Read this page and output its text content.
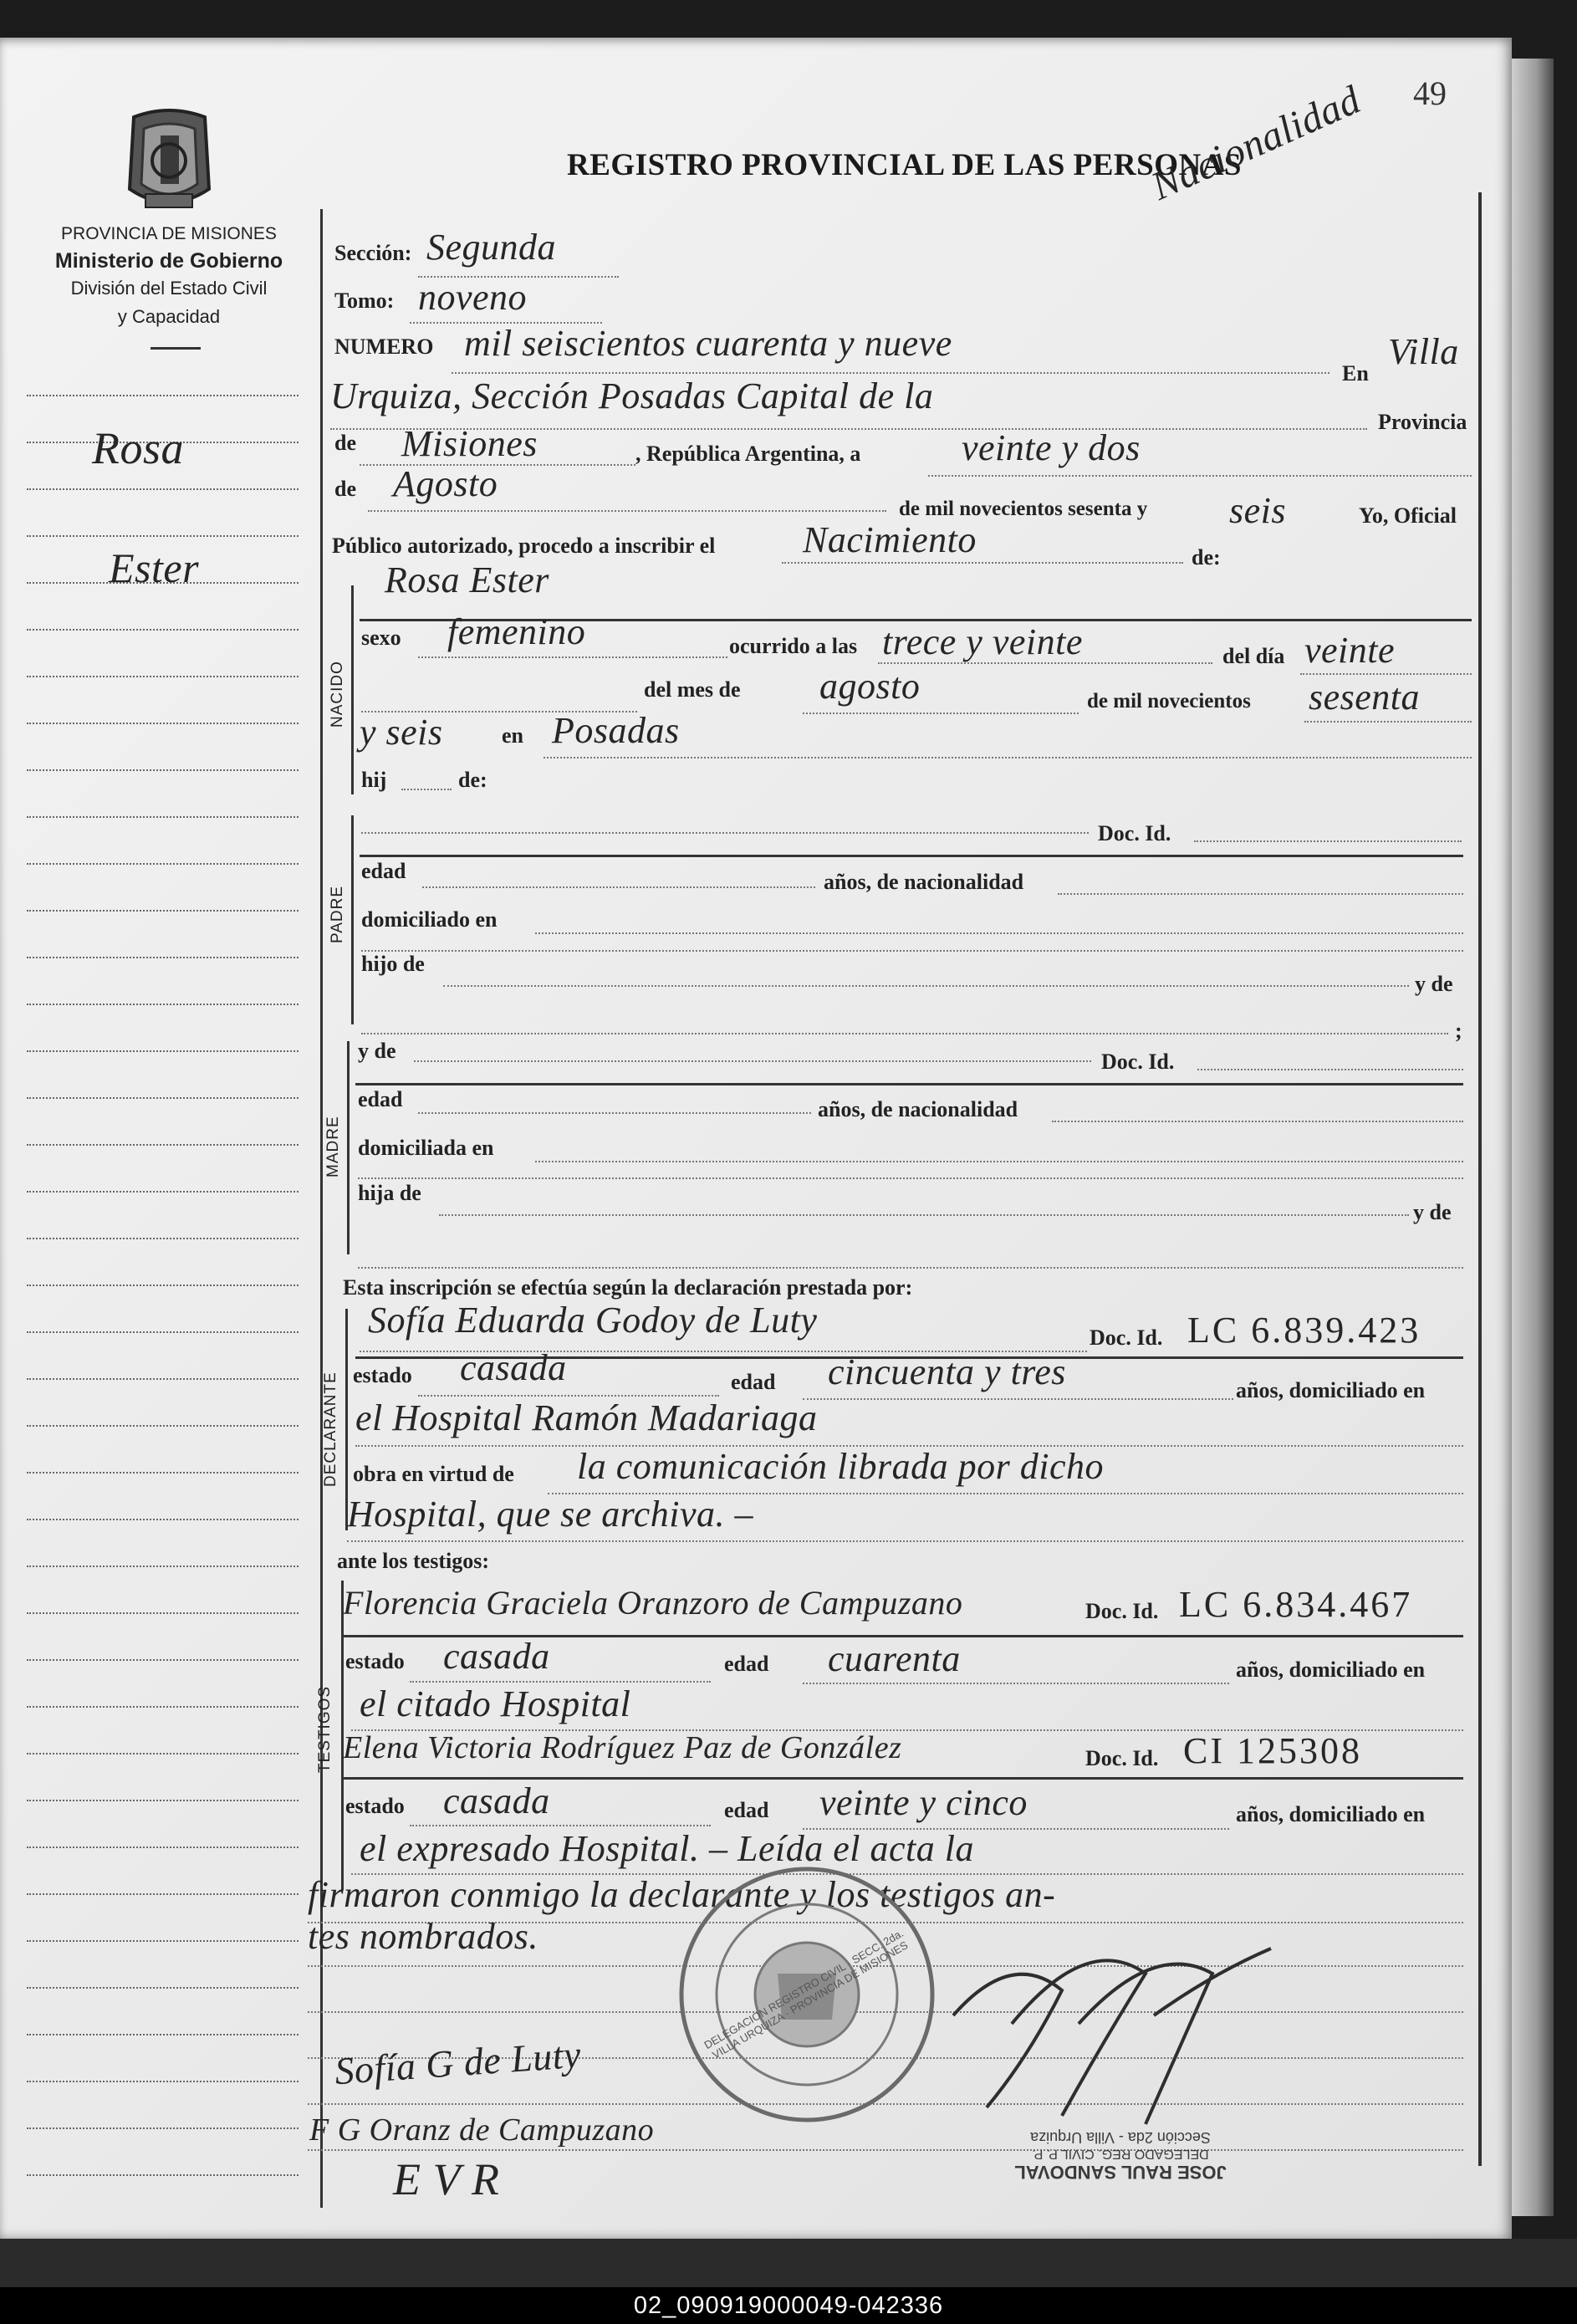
49
REGISTRO PROVINCIAL DE LAS PERSONAS
Nacionalidad
PROVINCIA DE MISIONES
Ministerio de Gobierno
División del Estado Civil
y Capacidad
Rosa
Ester
Sección: Segunda
Tomo: noveno
NUMERO mil seiscientos cuarenta y nueve
En
Villa
Urquiza, Sección Posadas Capital de la
Provincia
de Misiones	, República Argentina, a	veinte y dos
de Agosto
de mil novecientos sesenta y seis	Yo, Oficial
Público autorizado, procedo a inscribir el Nacimiento	de:
NACIDO
Rosa Ester
sexo femenino	ocurrido a las trece y veinte	del día veinte
del mes de agosto	de mil novecientos sesenta
y seis	en Posadas
hij	de:
PADRE
Doc. Id.
edad	años, de nacionalidad
domiciliado en
hijo de
y de
;
MADRE
y de	Doc. Id.
edad	años, de nacionalidad
domiciliada en
hija de
y de
Esta inscripción se efectúa según la declaración prestada por:
DECLARANTE
Sofía Eduarda Godoy de Luty	Doc. Id. LC 6.839.423
estado casada	edad cincuenta y tres	años, domiciliado en
el Hospital Ramón Madariaga
obra en virtud de la comunicación librada por dicho
Hospital, que se archiva. –
ante los testigos:
TESTIGOS
Florencia Graciela Oranzoro de Campuzano	Doc. Id. LC 6.834.467
estado casada	edad cuarenta	años, domiciliado en
el citado Hospital
Elena Victoria Rodríguez Paz de González	Doc. Id. CI 125308
estado casada	edad veinte y cinco	años, domiciliado en
el expresado Hospital. – Leída el acta la
firmaron conmigo la declarante y los testigos an-
tes nombrados.	DELEGACION REGISTRO CIVIL · SECC. 2da. VILLA URQUIZA · PROVINCIA DE MISIONES
JOSE RAUL SANDOVAL
DELEGADO REG. CIVIL P. P.
Sección 2da - Villa Urquiza
Sofía G de Luty
F G Oranz de Campuzano
E V R
02_090919000049-042336
